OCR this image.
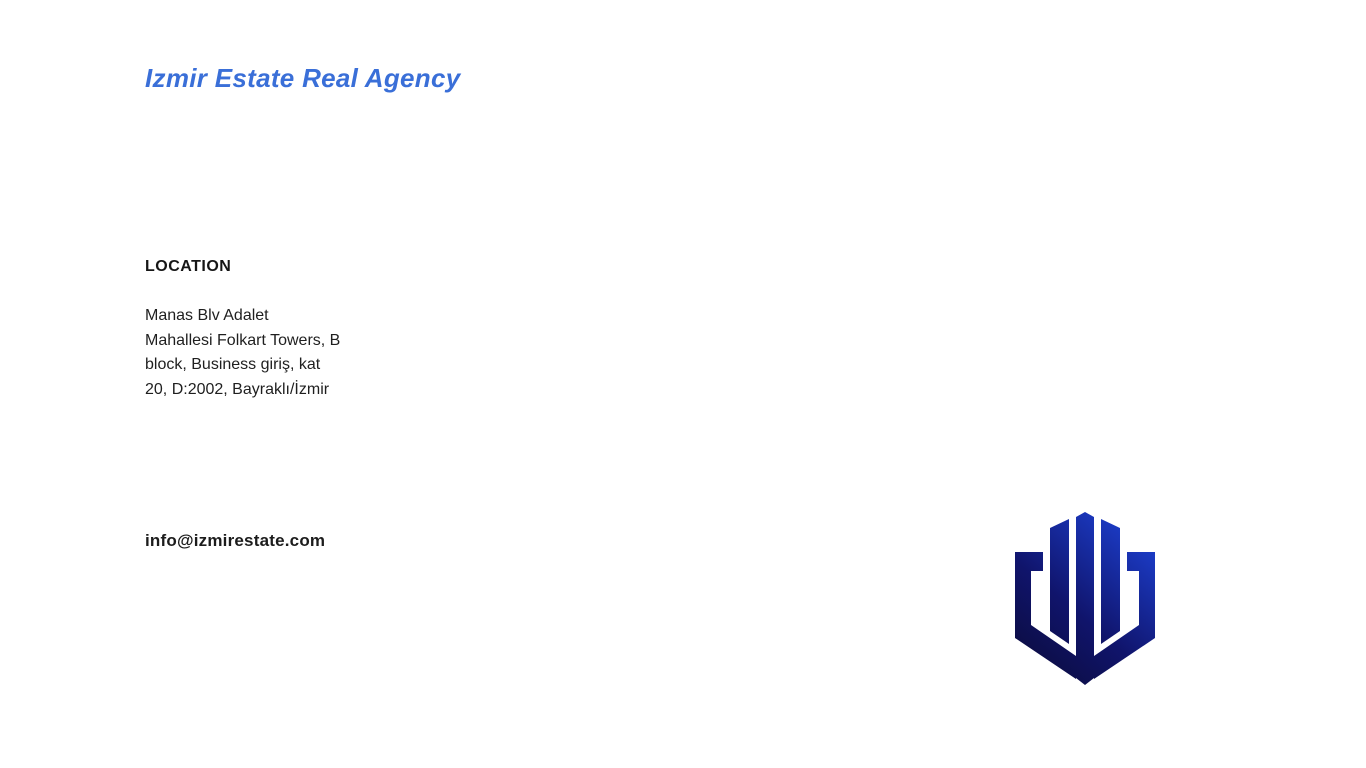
Izmir Estate Real Agency
LOCATION
Manas Blv Adalet
Mahallesi Folkart Towers, B
block, Business giriş, kat
20, D:2002, Bayraklı/İzmir
info@izmirestate.com
